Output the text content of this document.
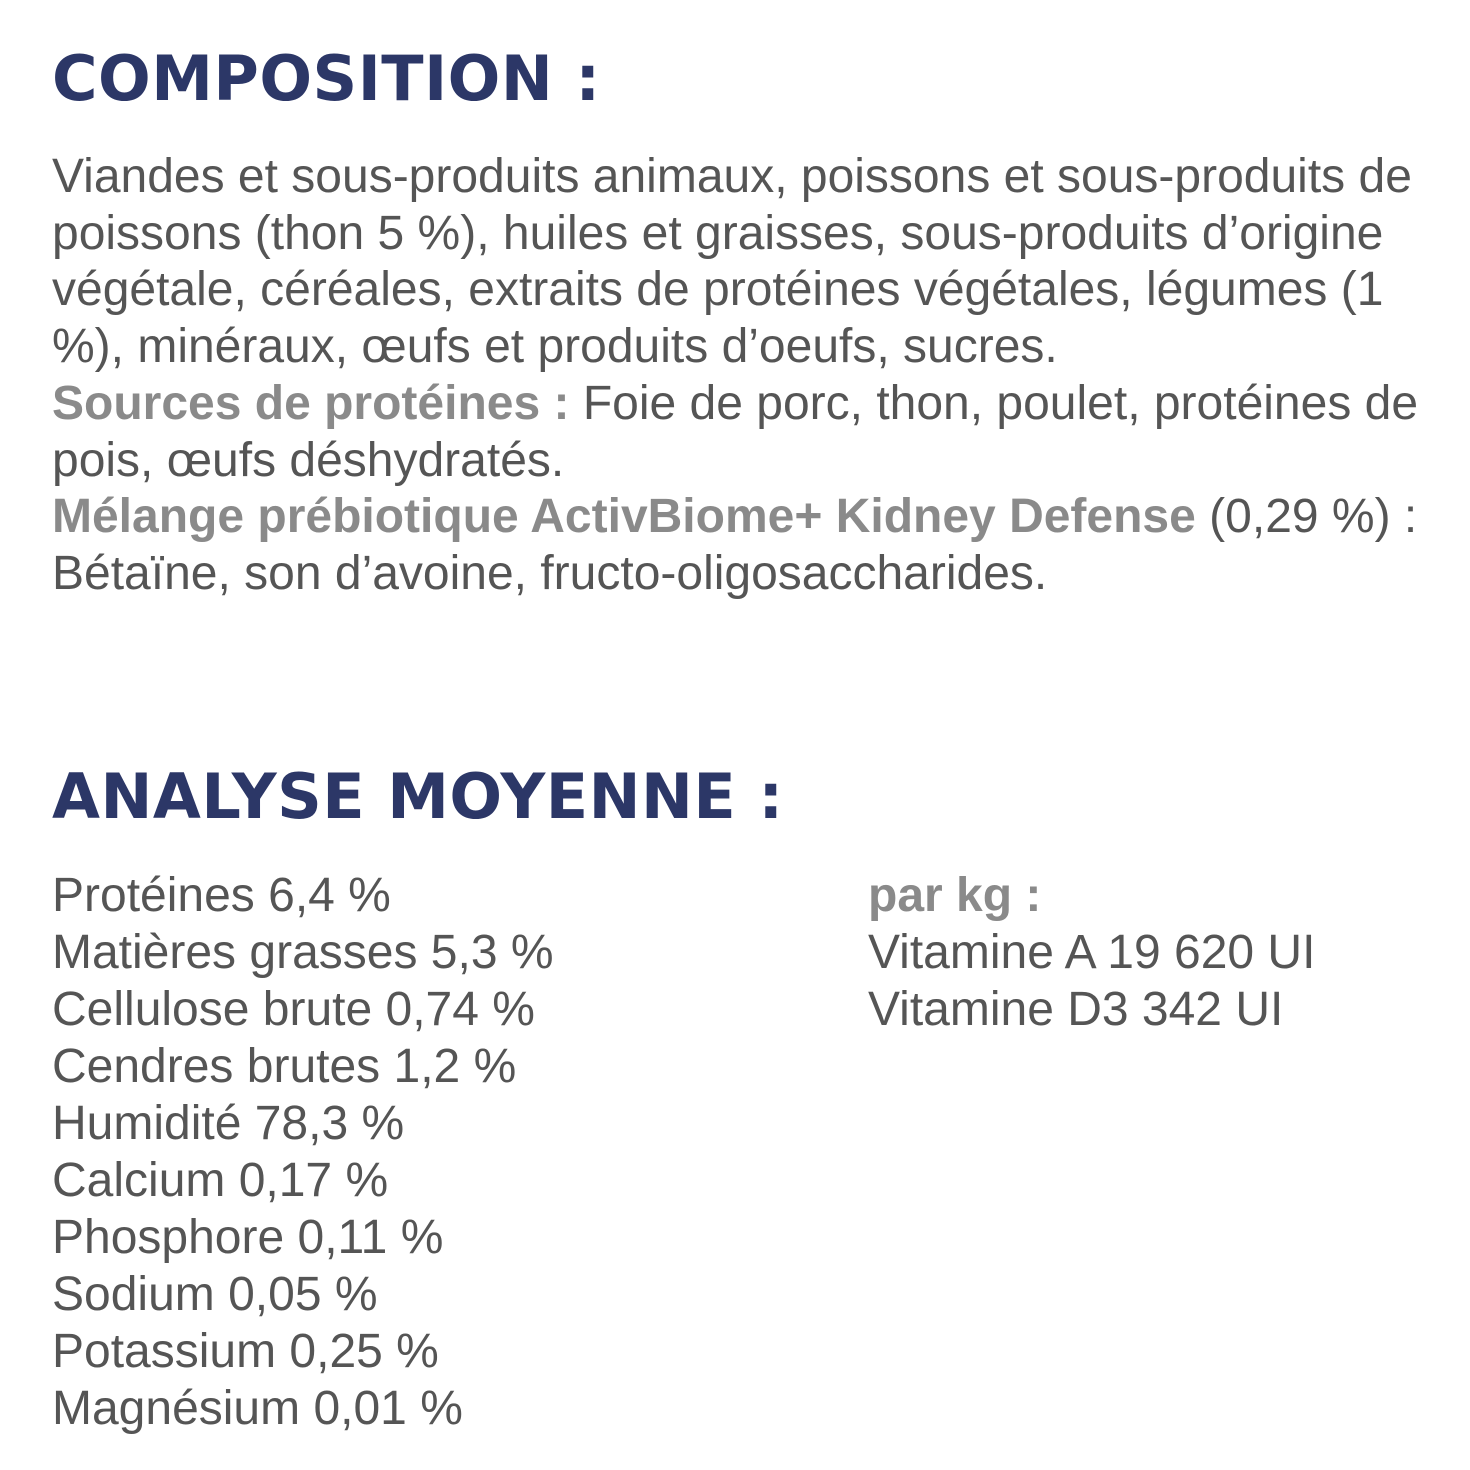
COMPOSITION :

Viandes et sous-produits animaux, poissons et sous-produits de poissons (thon 5 %), huiles et graisses, sous-produits d’origine végétale, céréales, extraits de protéines végétales, légumes (1 %), minéraux, œufs et produits d’oeufs, sucres.
Sources de protéines : Foie de porc, thon, poulet, protéines de pois, œufs déshydratés.
Mélange prébiotique ActivBiome+ Kidney Defense (0,29 %) : Bétaïne, son d’avoine, fructo-oligosaccharides.

ANALYSE MOYENNE :
Protéines 6,4 %
Matières grasses 5,3 %
Cellulose brute 0,74 %
Cendres brutes 1,2 %
Humidité 78,3 %
Calcium 0,17 %
Phosphore 0,11 %
Sodium 0,05 %
Potassium 0,25 %
Magnésium 0,01 %
par kg :
Vitamine A 19 620 UI
Vitamine D3 342 UI
